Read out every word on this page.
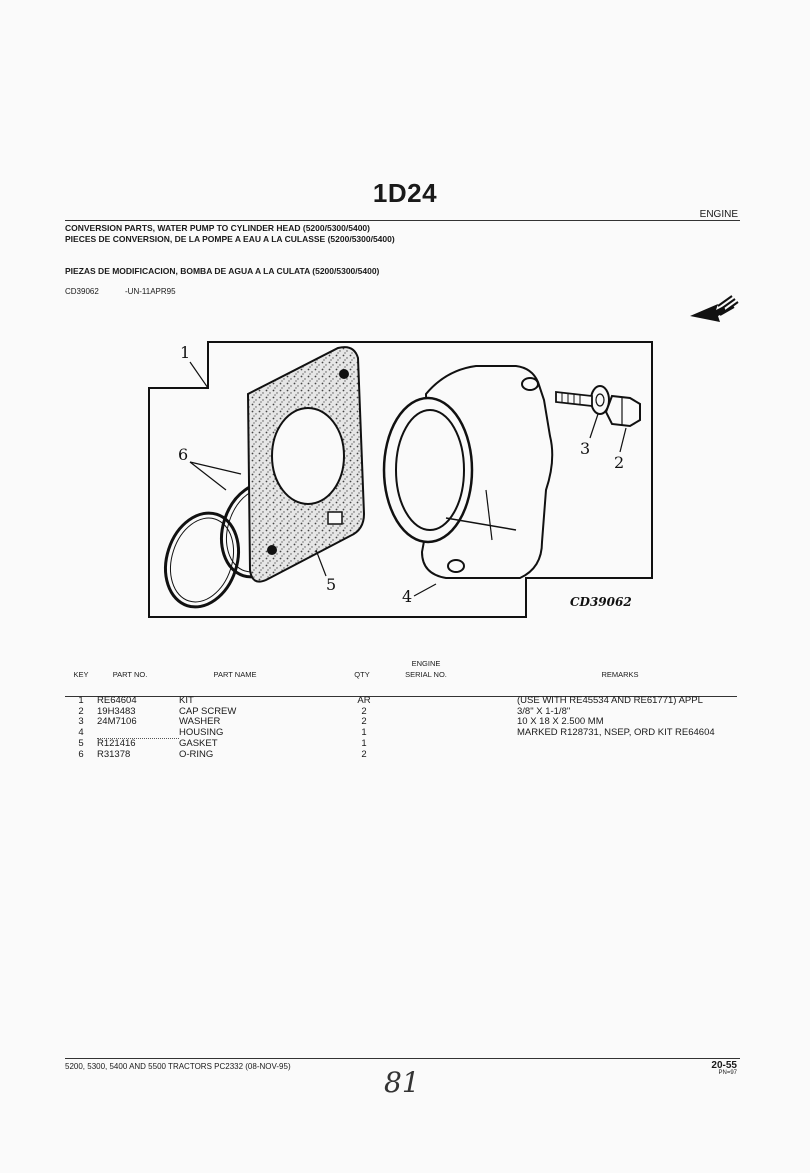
1D24
ENGINE
CONVERSION PARTS, WATER PUMP TO CYLINDER HEAD (5200/5300/5400)
PIECES DE CONVERSION, DE LA POMPE A EAU A LA CULASSE (5200/5300/5400)
PIEZAS DE MODIFICACION, BOMBA DE AGUA A LA CULATA (5200/5300/5400)
CD39062	-UN-11APR95
1
6
5
4
3
2
CD39062
KEY	PART NO.	PART NAME	QTY
ENGINE
SERIAL NO.	REMARKS
1	RE64604	KIT	AR		(USE WITH RE45534 AND RE61771) APPL
2	19H3483	CAP SCREW	2		3/8" X 1-1/8"
3	24M7106	WASHER	2		10 X 18 X 2.500 MM
4		HOUSING	1		MARKED R128731, NSEP, ORD KIT RE64604
5	R121416	GASKET	1		
6	R31378	O-RING	2		
5200, 5300, 5400 AND 5500 TRACTORS PC2332 (08-NOV-95)	81
20-55
PN=97
